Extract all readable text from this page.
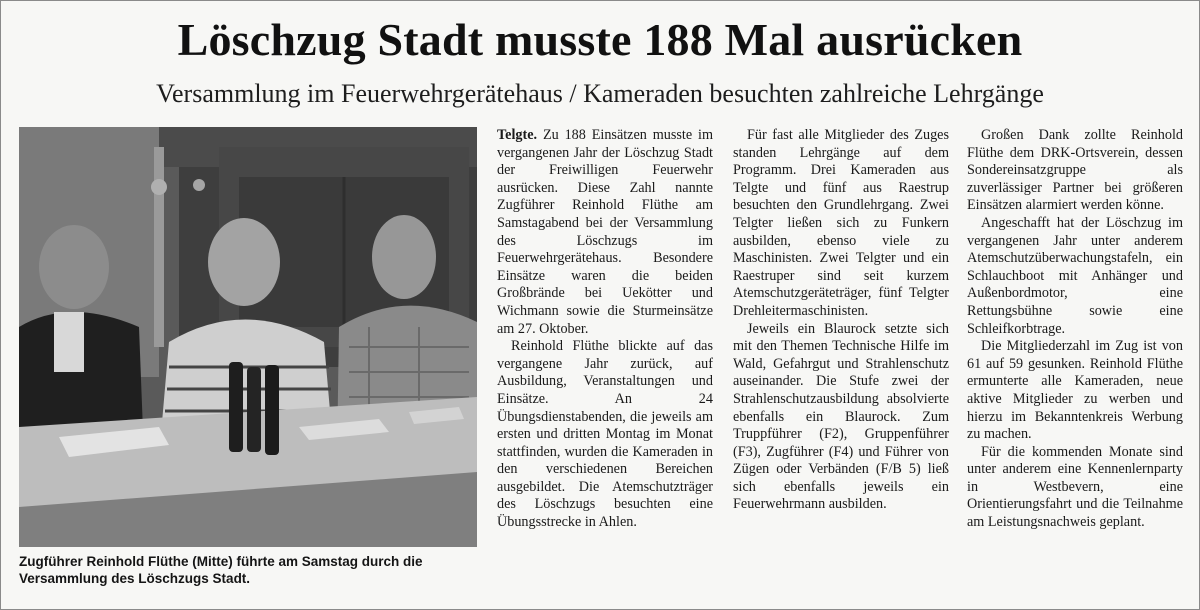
Löschzug Stadt musste 188 Mal ausrücken
Versammlung im Feuerwehrgerätehaus / Kameraden besuchten zahlreiche Lehrgänge
Zugführer Reinhold Flüthe (Mitte) führte am Samstag durch die Versammlung des Löschzugs Stadt.

Telgte. Zu 188 Einsätzen musste im vergangenen Jahr der Löschzug Stadt der Freiwilligen Feuerwehr ausrücken. Diese Zahl nannte Zugführer Reinhold Flüthe am Samstagabend bei der Versammlung des Löschzugs im Feuerwehrgerätehaus. Besondere Einsätze waren die beiden Großbrände bei Uekötter und Wichmann sowie die Sturmeinsätze am 27. Oktober.

Reinhold Flüthe blickte auf das vergangene Jahr zurück, auf Ausbildung, Veranstaltungen und Einsätze. An 24 Übungsdienstabenden, die jeweils am ersten und dritten Montag im Monat stattfinden, wurden die Kameraden in den verschiedenen Bereichen ausgebildet. Die Atemschutzträger des Löschzugs besuchten eine Übungsstrecke in Ahlen.

Für fast alle Mitglieder des Zuges standen Lehrgänge auf dem Programm. Drei Kameraden aus Telgte und fünf aus Raestrup besuchten den Grundlehrgang. Zwei Telgter ließen sich zu Funkern ausbilden, ebenso viele zu Maschinisten. Zwei Telgter und ein Raestruper sind seit kurzem Atemschutzgeräteträger, fünf Telgter Drehleitermaschinisten.

Jeweils ein Blaurock setzte sich mit den Themen Technische Hilfe im Wald, Gefahrgut und Strahlenschutz auseinander. Die Stufe zwei der Strahlenschutzausbildung absolvierte ebenfalls ein Blaurock. Zum Truppführer (F2), Gruppenführer (F3), Zugführer (F4) und Führer von Zügen oder Verbänden (F/B 5) ließ sich ebenfalls jeweils ein Feuerwehrmann ausbilden.

Großen Dank zollte Reinhold Flüthe dem DRK-Ortsverein, dessen Sondereinsatzgruppe als zuverlässiger Partner bei größeren Einsätzen alarmiert werden könne.

Angeschafft hat der Löschzug im vergangenen Jahr unter anderem Atemschutzüberwachungstafeln, ein Schlauchboot mit Anhänger und Außenbordmotor, eine Rettungsbühne sowie eine Schleifkorbtrage.

Die Mitgliederzahl im Zug ist von 61 auf 59 gesunken. Reinhold Flüthe ermunterte alle Kameraden, neue aktive Mitglieder zu werben und hierzu im Bekanntenkreis Werbung zu machen.

Für die kommenden Monate sind unter anderem eine Kennenlernparty in Westbevern, eine Orientierungsfahrt und die Teilnahme am Leistungsnachweis geplant.
